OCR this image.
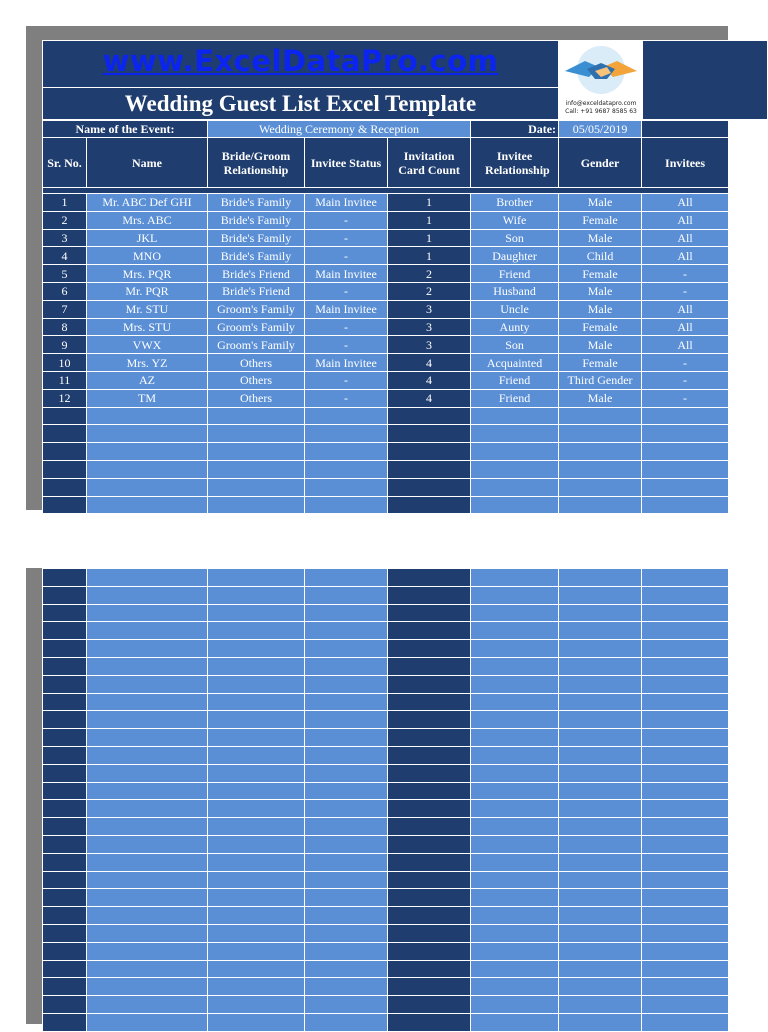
www.ExcelDataPro.com
Wedding Guest List Excel Template	info@exceldatapro.com
Call: +91 9687 8585 63
Name of the Event:		Wedding Ceremony & Reception			Date:	05/05/2019	
Sr. No.	Name	Bride/Groom Relationship	Invitee Status	Invitation Card Count	Invitee Relationship	Gender	Invitees

1	Mr. ABC Def GHI	Bride's Family	Main Invitee	1	Brother	Male	All
2	Mrs. ABC	Bride's Family	-	1	Wife	Female	All
3	JKL	Bride's Family	-	1	Son	Male	All
4	MNO	Bride's Family	-	1	Daughter	Child	All
5	Mrs. PQR	Bride's Friend	Main Invitee	2	Friend	Female	-
6	Mr. PQR	Bride's Friend	-	2	Husband	Male	-
7	Mr. STU	Groom's Family	Main Invitee	3	Uncle	Male	All
8	Mrs. STU	Groom's Family	-	3	Aunty	Female	All
9	VWX	Groom's Family	-	3	Son	Male	All
10	Mrs. YZ	Others	Main Invitee	4	Acquainted	Female	-
11	AZ	Others	-	4	Friend	Third Gender	-
12	TM	Others	-	4	Friend	Male	-
